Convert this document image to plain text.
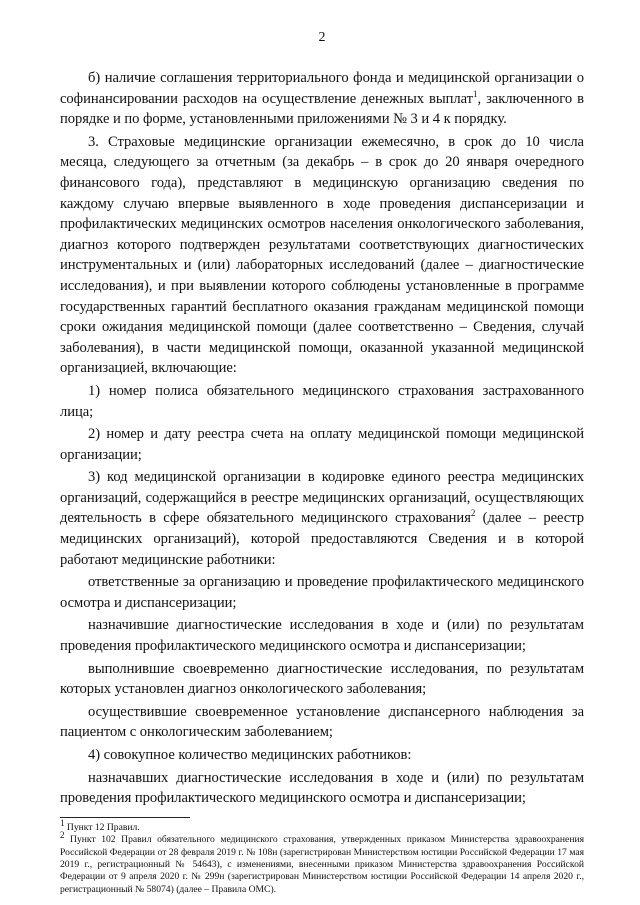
2

б) наличие соглашения территориального фонда и медицинской организации о софинансировании расходов на осуществление денежных выплат$^1$, заключенного в порядке и по форме, установленными приложениями № 3 и 4 к порядку.

3. Страховые медицинские организации ежемесячно, в срок до 10 числа месяца, следующего за отчетным (за декабрь – в срок до 20 января очередного финансового года), представляют в медицинскую организацию сведения по каждому случаю впервые выявленного в ходе проведения диспансеризации и профилактических медицинских осмотров населения онкологического заболевания, диагноз которого подтвержден результатами соответствующих диагностических инструментальных и (или) лабораторных исследований (далее – диагностические исследования), и при выявлении которого соблюдены установленные в программе государственных гарантий бесплатного оказания гражданам медицинской помощи сроки ожидания медицинской помощи (далее соответственно – Сведения, случай заболевания), в части медицинской помощи, оказанной указанной медицинской организацией, включающие:

1) номер полиса обязательного медицинского страхования застрахованного лица;

2) номер и дату реестра счета на оплату медицинской помощи медицинской организации;

3) код медицинской организации в кодировке единого реестра медицинских организаций, содержащийся в реестре медицинских организаций, осуществляющих деятельность в сфере обязательного медицинского страхования$^2$ (далее – реестр медицинских организаций), которой предоставляются Сведения и в которой работают медицинские работники:

ответственные за организацию и проведение профилактического медицинского осмотра и диспансеризации;

назначившие диагностические исследования в ходе и (или) по результатам проведения профилактического медицинского осмотра и диспансеризации;

выполнившие своевременно диагностические исследования, по результатам которых установлен диагноз онкологического заболевания;

осуществившие своевременное установление диспансерного наблюдения за пациентом с онкологическим заболеванием;

4) совокупное количество медицинских работников:

назначавших диагностические исследования в ходе и (или) по результатам проведения профилактического медицинского осмотра и диспансеризации;

$^1$ Пункт 12 Правил.

$^2$ Пункт 102 Правил обязательного медицинского страхования, утвержденных приказом Министерства здравоохранения Российской Федерации от 28 февраля 2019 г. № 108н (зарегистрирован Министерством юстиции Российской Федерации 17 мая 2019 г., регистрационный № 54643), с изменениями, внесенными приказом Министерства здравоохранения Российской Федерации от 9 апреля 2020 г. № 299н (зарегистрирован Министерством юстиции Российской Федерации 14 апреля 2020 г., регистрационный № 58074) (далее – Правила ОМС).
